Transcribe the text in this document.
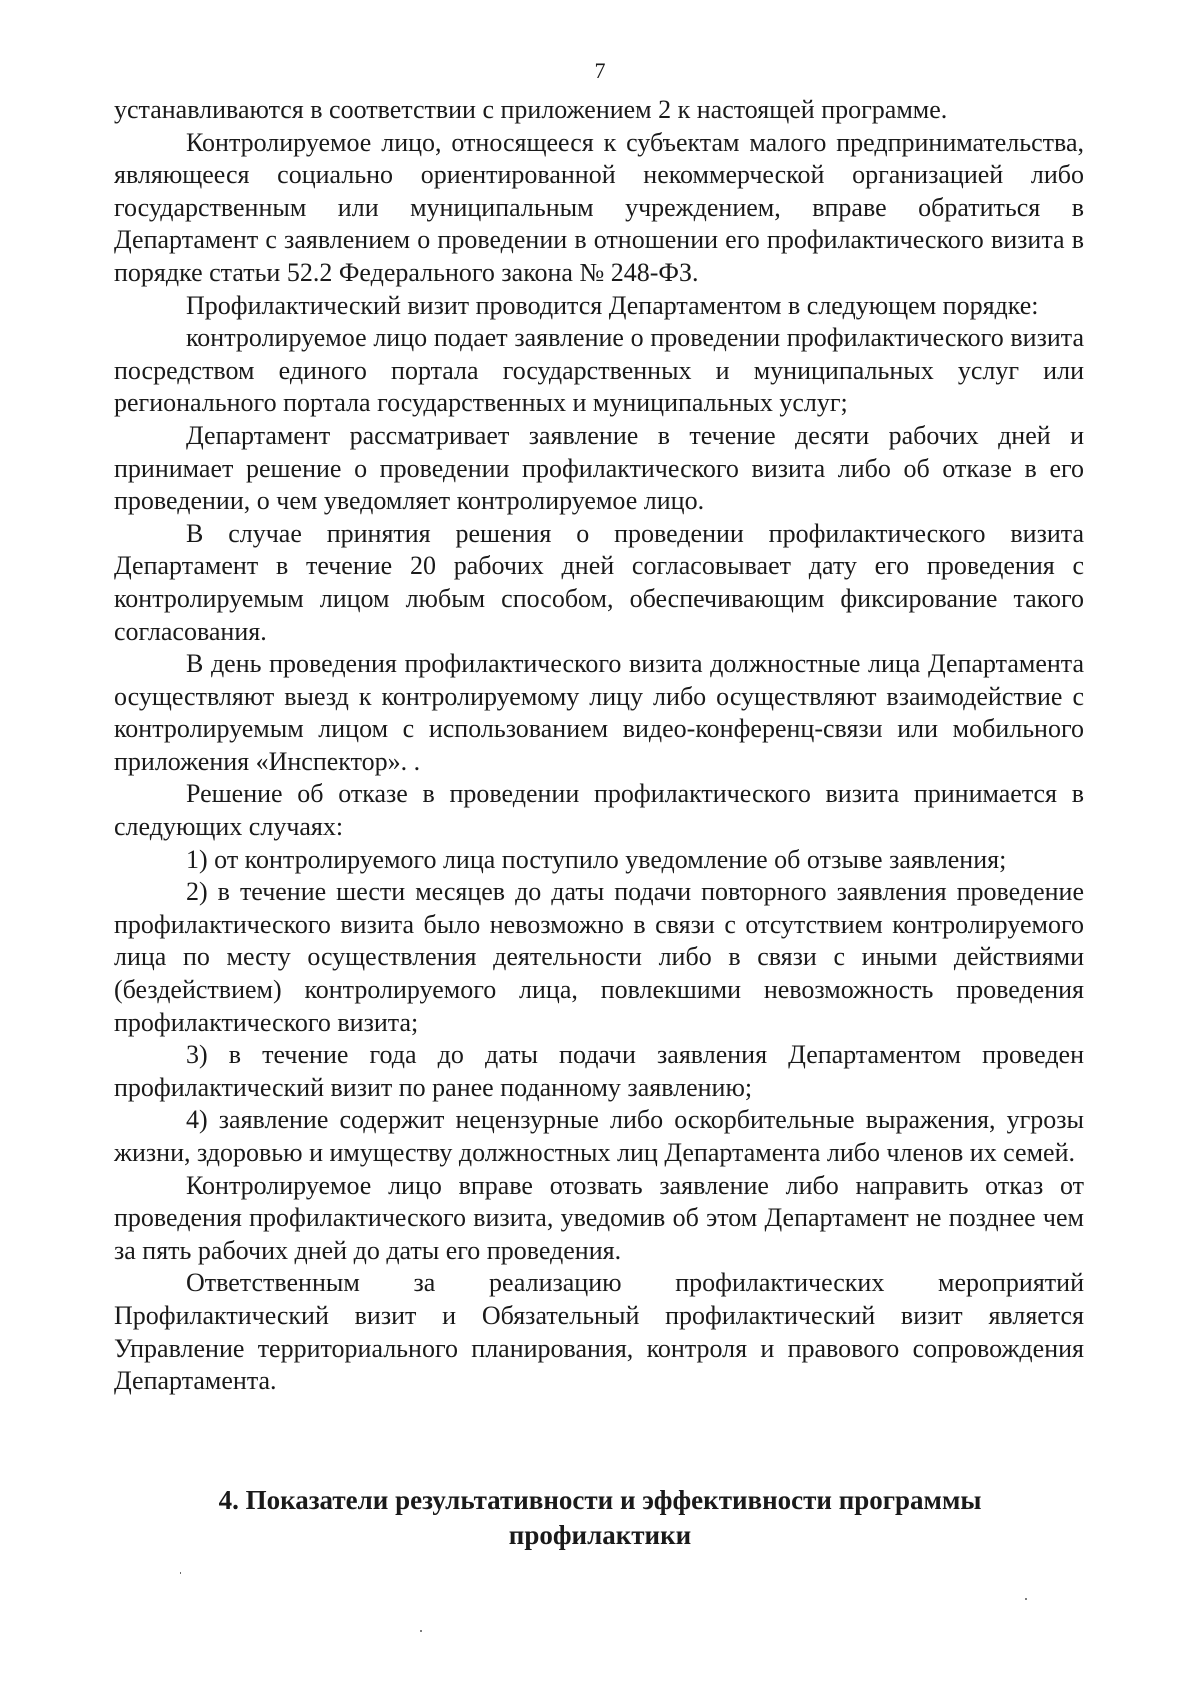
7

устанавливаются в соответствии с приложением 2 к настоящей программе.

Контролируемое лицо, относящееся к субъектам малого предпринимательства, являющееся социально ориентированной некоммерческой организацией либо государственным или муниципальным учреждением, вправе обратиться в Департамент с заявлением о проведении в отношении его профилактического визита в порядке статьи 52.2 Федерального закона № 248-ФЗ.

Профилактический визит проводится Департаментом в следующем порядке:

контролируемое лицо подает заявление о проведении профилактического визита посредством единого портала государственных и муниципальных услуг или регионального портала государственных и муниципальных услуг;

Департамент рассматривает заявление в течение десяти рабочих дней и принимает решение о проведении профилактического визита либо об отказе в его проведении, о чем уведомляет контролируемое лицо.

В случае принятия решения о проведении профилактического визита Департамент в течение 20 рабочих дней согласовывает дату его проведения с контролируемым лицом любым способом, обеспечивающим фиксирование такого согласования.

В день проведения профилактического визита должностные лица Департамента осуществляют выезд к контролируемому лицу либо осуществляют взаимодействие с контролируемым лицом с использованием видео-конференц-связи или мобильного приложения «Инспектор». .

Решение об отказе в проведении профилактического визита принимается в следующих случаях:

1) от контролируемого лица поступило уведомление об отзыве заявления;

2) в течение шести месяцев до даты подачи повторного заявления проведение профилактического визита было невозможно в связи с отсутствием контролируемого лица по месту осуществления деятельности либо в связи с иными действиями (бездействием) контролируемого лица, повлекшими невозможность проведения профилактического визита;

3) в течение года до даты подачи заявления Департаментом проведен профилактический визит по ранее поданному заявлению;

4) заявление содержит нецензурные либо оскорбительные выражения, угрозы жизни, здоровью и имуществу должностных лиц Департамента либо членов их семей.

Контролируемое лицо вправе отозвать заявление либо направить отказ от проведения профилактического визита, уведомив об этом Департамент не позднее чем за пять рабочих дней до даты его проведения.

Ответственным за реализацию профилактических мероприятий Профилактический визит и Обязательный профилактический визит является Управление территориального планирования, контроля и правового сопровождения Департамента.

4. Показатели результативности и эффективности программы
профилактики
